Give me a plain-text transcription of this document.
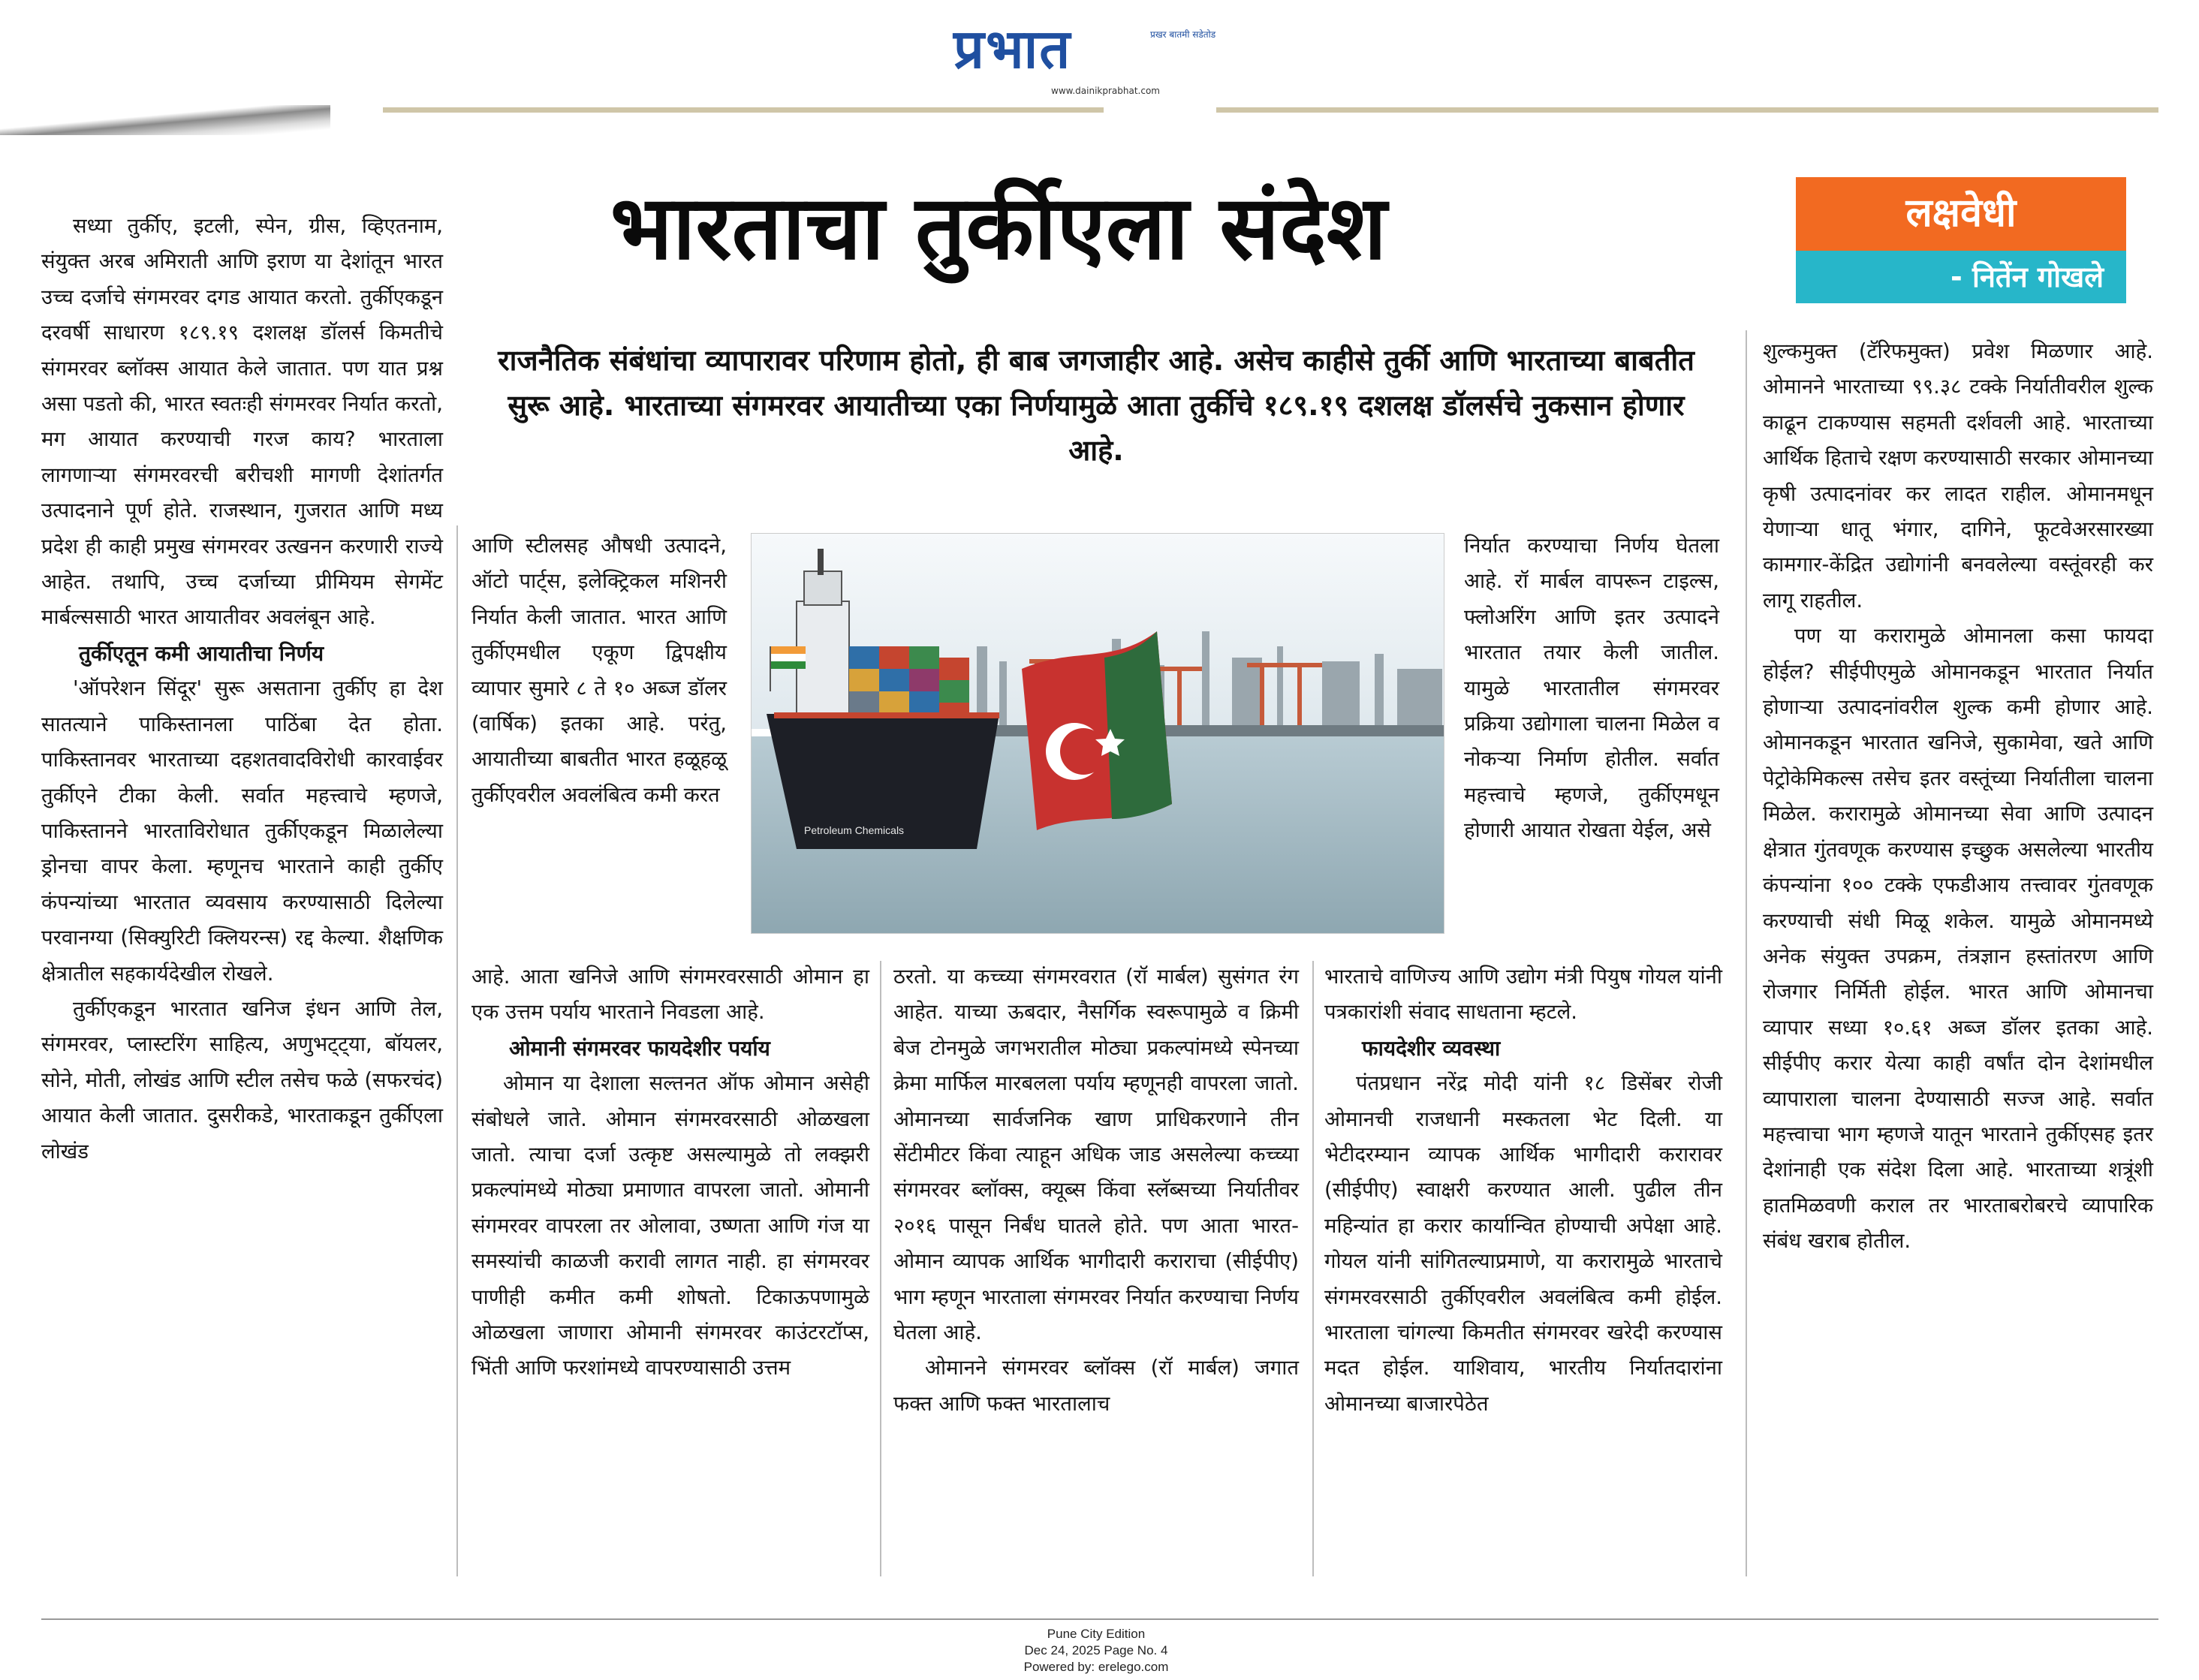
प्रभात	प्रखर बातमी सडेतोड
www.dainikprabhat.com
लक्षवेधी
- नितेंन गोखले
भारताचा तुर्कीएला संदेश
राजनैतिक संबंधांचा व्यापारावर परिणाम होतो, ही बाब जगजाहीर आहे. असेच काहीसे तुर्की आणि भारताच्या बाबतीत सुरू आहे. भारताच्या संगमरवर आयातीच्या एका निर्णयामुळे आता तुर्कीचे १८९.१९ दशलक्ष डॉलर्सचे नुकसान होणार आहे.

सध्या तुर्कीए, इटली, स्पेन, ग्रीस, व्हिएतनाम, संयुक्त अरब अमिराती आणि इराण या देशांतून भारत उच्च दर्जाचे संगमरवर दगड आयात करतो. तुर्कीएकडून दरवर्षी साधारण १८९.१९ दशलक्ष डॉलर्स किमतीचे संगमरवर ब्लॉक्स आयात केले जातात. पण यात प्रश्न असा पडतो की, भारत स्वतःही संगमरवर निर्यात करतो, मग आयात करण्याची गरज काय? भारताला लागणाऱ्या संगमरवरची बरीचशी मागणी देशांतर्गत उत्पादनाने पूर्ण होते. राजस्थान, गुजरात आणि मध्य प्रदेश ही काही प्रमुख संगमरवर उत्खनन करणारी राज्ये आहेत. तथापि, उच्च दर्जाच्या प्रीमियम सेगमेंट मार्बल्ससाठी भारत आयातीवर अवलंबून आहे.

तुर्कीएतून कमी आयातीचा निर्णय

'ऑपरेशन सिंदूर' सुरू असताना तुर्कीए हा देश सातत्याने पाकिस्तानला पाठिंबा देत होता. पाकिस्तानवर भारताच्या दहशतवादविरोधी कारवाईवर तुर्कीएने टीका केली. सर्वात महत्त्वाचे म्हणजे, पाकिस्तानने भारताविरोधात तुर्कीएकडून मिळालेल्या ड्रोनचा वापर केला. म्हणूनच भारताने काही तुर्कीए कंपन्यांच्या भारतात व्यवसाय करण्यासाठी दिलेल्या परवानग्या (सिक्युरिटी क्लियरन्स) रद्द केल्या. शैक्षणिक क्षेत्रातील सहकार्यदेखील रोखले.

तुर्कीएकडून भारतात खनिज इंधन आणि तेल, संगमरवर, प्लास्टरिंग साहित्य, अणुभट्ट्या, बॉयलर, सोने, मोती, लोखंड आणि स्टील तसेच फळे (सफरचंद) आयात केली जातात. दुसरीकडे, भारताकडून तुर्कीएला लोखंड

आणि स्टीलसह औषधी उत्पादने, ऑटो पार्ट्स, इलेक्ट्रिकल मशिनरी निर्यात केली जातात. भारत आणि तुर्कीएमधील एकूण द्विपक्षीय व्यापार सुमारे ८ ते १० अब्ज डॉलर (वार्षिक) इतका आहे. परंतु, आयातीच्या बाबतीत भारत हळूहळू तुर्कीएवरील अवलंबित्व कमी करत

Petroleum Chemicals

निर्यात करण्याचा निर्णय घेतला आहे. रॉ मार्बल वापरून टाइल्स, फ्लोअरिंग आणि इतर उत्पादने भारतात तयार केली जातील. यामुळे भारतातील संगमरवर प्रक्रिया उद्योगाला चालना मिळेल व नोकऱ्या निर्माण होतील. सर्वात महत्त्वाचे म्हणजे, तुर्कीएमधून होणारी आयात रोखता येईल, असे

आहे. आता खनिजे आणि संगमरवरसाठी ओमान हा एक उत्तम पर्याय भारताने निवडला आहे.

ओमानी संगमरवर फायदेशीर पर्याय

ओमान या देशाला सल्तनत ऑफ ओमान असेही संबोधले जाते. ओमान संगमरवरसाठी ओळखला जातो. त्याचा दर्जा उत्कृष्ट असल्यामुळे तो लक्झरी प्रकल्पांमध्ये मोठ्या प्रमाणात वापरला जातो. ओमानी संगमरवर वापरला तर ओलावा, उष्णता आणि गंज या समस्यांची काळजी करावी लागत नाही. हा संगमरवर पाणीही कमीत कमी शोषतो. टिकाऊपणामुळे ओळखला जाणारा ओमानी संगमरवर काउंटरटॉप्स, भिंती आणि फरशांमध्ये वापरण्यासाठी उत्तम

ठरतो. या कच्च्या संगमरवरात (रॉ मार्बल) सुसंगत रंग आहेत. याच्या ऊबदार, नैसर्गिक स्वरूपामुळे व क्रिमी बेज टोनमुळे जगभरातील मोठ्या प्रकल्पांमध्ये स्पेनच्या क्रेमा मार्फिल मारबलला पर्याय म्हणूनही वापरला जातो. ओमानच्या सार्वजनिक खाण प्राधिकरणाने तीन सेंटीमीटर किंवा त्याहून अधिक जाड असलेल्या कच्च्या संगमरवर ब्लॉक्स, क्यूब्स किंवा स्लॅब्सच्या निर्यातीवर २०१६ पासून निर्बंध घातले होते. पण आता भारत-ओमान व्यापक आर्थिक भागीदारी कराराचा (सीईपीए) भाग म्हणून भारताला संगमरवर निर्यात करण्याचा निर्णय घेतला आहे.

ओमानने संगमरवर ब्लॉक्स (रॉ मार्बल) जगात फक्त आणि फक्त भारतालाच

भारताचे वाणिज्य आणि उद्योग मंत्री पियुष गोयल यांनी पत्रकारांशी संवाद साधताना म्हटले.

फायदेशीर व्यवस्था

पंतप्रधान नरेंद्र मोदी यांनी १८ डिसेंबर रोजी ओमानची राजधानी मस्कतला भेट दिली. या भेटीदरम्यान व्यापक आर्थिक भागीदारी करारावर (सीईपीए) स्वाक्षरी करण्यात आली. पुढील तीन महिन्यांत हा करार कार्यान्वित होण्याची अपेक्षा आहे. गोयल यांनी सांगितल्याप्रमाणे, या करारामुळे भारताचे संगमरवरसाठी तुर्कीएवरील अवलंबित्व कमी होईल. भारताला चांगल्या किमतीत संगमरवर खरेदी करण्यास मदत होईल. याशिवाय, भारतीय निर्यातदारांना ओमानच्या बाजारपेठेत

शुल्कमुक्त (टॅरिफमुक्त) प्रवेश मिळणार आहे. ओमानने भारताच्या ९९.३८ टक्के निर्यातीवरील शुल्क काढून टाकण्यास सहमती दर्शवली आहे. भारताच्या आर्थिक हिताचे रक्षण करण्यासाठी सरकार ओमानच्या कृषी उत्पादनांवर कर लादत राहील. ओमानमधून येणाऱ्या धातू भंगार, दागिने, फूटवेअरसारख्या कामगार-केंद्रित उद्योगांनी बनवलेल्या वस्तूंवरही कर लागू राहतील.

पण या करारामुळे ओमानला कसा फायदा होईल? सीईपीएमुळे ओमानकडून भारतात निर्यात होणाऱ्या उत्पादनांवरील शुल्क कमी होणार आहे. ओमानकडून भारतात खनिजे, सुकामेवा, खते आणि पेट्रोकेमिकल्स तसेच इतर वस्तूंच्या निर्यातीला चालना मिळेल. करारामुळे ओमानच्या सेवा आणि उत्पादन क्षेत्रात गुंतवणूक करण्यास इच्छुक असलेल्या भारतीय कंपन्यांना १०० टक्के एफडीआय तत्त्वावर गुंतवणूक करण्याची संधी मिळू शकेल. यामुळे ओमानमध्ये अनेक संयुक्त उपक्रम, तंत्रज्ञान हस्तांतरण आणि रोजगार निर्मिती होईल. भारत आणि ओमानचा व्यापार सध्या १०.६१ अब्ज डॉलर इतका आहे. सीईपीए करार येत्या काही वर्षांत दोन देशांमधील व्यापाराला चालना देण्यासाठी सज्ज आहे. सर्वात महत्त्वाचा भाग म्हणजे यातून भारताने तुर्कीएसह इतर देशांनाही एक संदेश दिला आहे. भारताच्या शत्रूंशी हातमिळवणी कराल तर भारताबरोबरचे व्यापारिक संबंध खराब होतील.

Pune City Edition
Dec 24, 2025 Page No. 4
Powered by: erelego.com
